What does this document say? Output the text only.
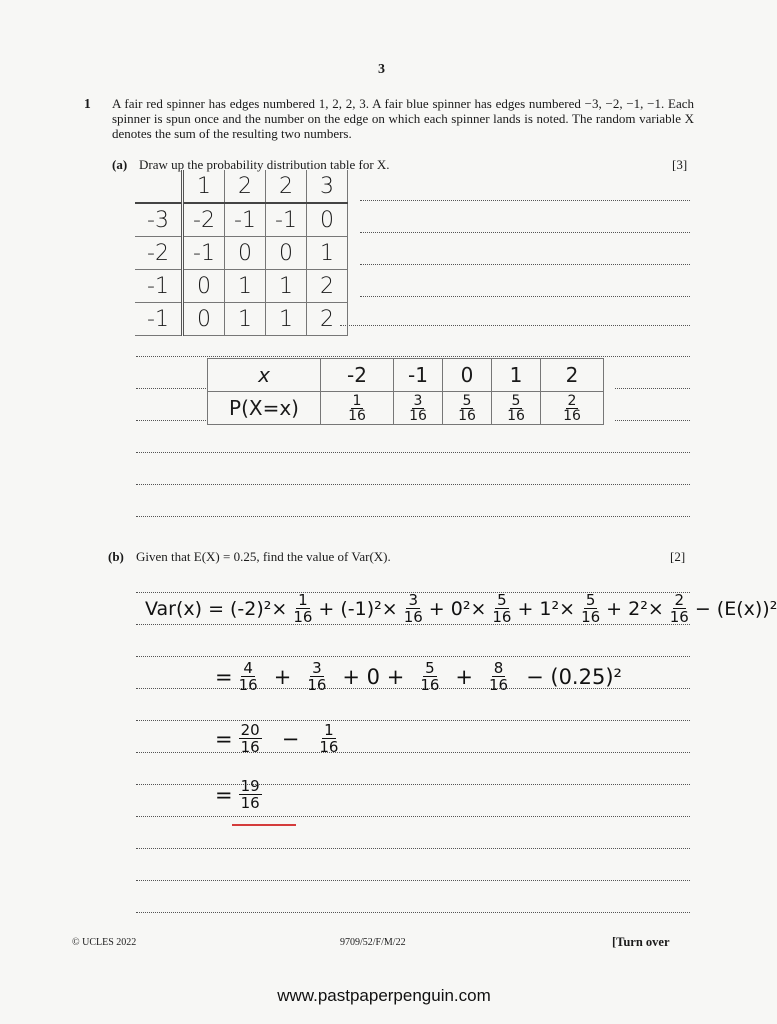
3
1 A fair red spinner has edges numbered 1, 2, 2, 3. A fair blue spinner has edges numbered −3, −2, −1, −1. Each spinner is spun once and the number on the edge on which each spinner lands is noted. The random variable X denotes the sum of the resulting two numbers.
(a) Draw up the probability distribution table for X.	[3]
	1	2	2	3
-3	-2	-1	-1	0
-2	-1	0	0	1
-1	0	1	1	2
-1	0	1	1	2
x	-2	-1	0	1	2
P(X=x)	$\frac{1}{16}$	$\frac{3}{16}$	$\frac{5}{16}$	$\frac{5}{16}$	$\frac{2}{16}$
(b) Given that E(X) = 0.25, find the value of Var(X).	[2]
$Var(x) = (-2)^2\times \frac{1}{16} + (-1)^2\times \frac{3}{16} + 0^2\times \frac{5}{16} + 1^2\times \frac{5}{16} + 2^2\times \frac{2}{16} - (E(x))^2$
= $\frac{4}{16} + \frac{3}{16} + 0 + \frac{5}{16} + \frac{8}{16} - (0.25)^2$
= $\frac{20}{16} - \frac{1}{16}$
= $\frac{19}{16}$
© UCLES 2022	9709/52/F/M/22	[Turn over
www.pastpaperpenguin.com
